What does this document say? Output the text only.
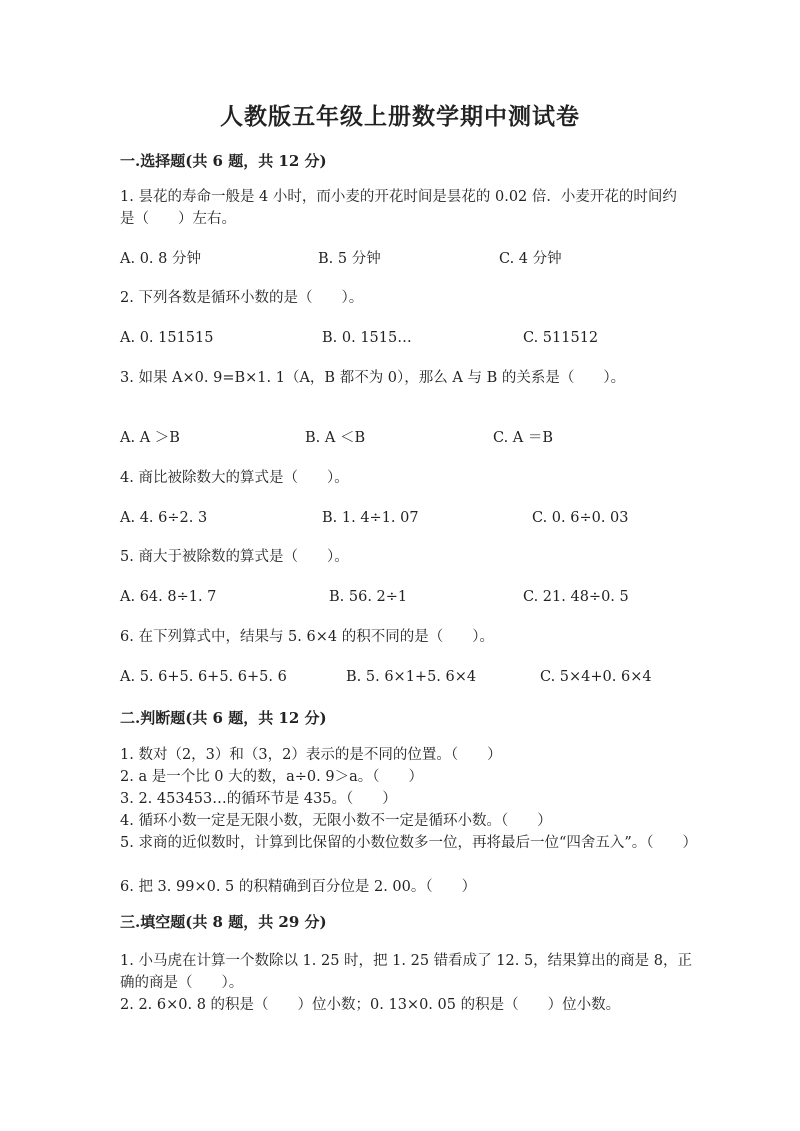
人教版五年级上册数学期中测试卷
一.选择题(共 6 题，共 12 分)
1. 昙花的寿命一般是 4 小时，而小麦的开花时间是昙花的 0.02 倍．小麦开花的时间约是（　　）左右。
A. 0. 8 分钟	B. 5 分钟	C. 4 分钟
2. 下列各数是循环小数的是（　　）。
A. 0. 151515	B. 0. 1515…	C. 511512
3. 如果 A×0. 9=B×1. 1（A，B 都不为 0），那么 A 与 B 的关系是（　　）。
A. A ＞B	B. A ＜B	C. A ＝B
4. 商比被除数大的算式是（　　）。
A. 4. 6÷2. 3	B. 1. 4÷1. 07	C. 0. 6÷0. 03
5. 商大于被除数的算式是（　　）。
A. 64. 8÷1. 7	B. 56. 2÷1	C. 21. 48÷0. 5
6. 在下列算式中，结果与 5. 6×4 的积不同的是（　　）。
A. 5. 6+5. 6+5. 6+5. 6	B. 5. 6×1+5. 6×4	C. 5×4+0. 6×4
二.判断题(共 6 题，共 12 分)
1. 数对（2，3）和（3，2）表示的是不同的位置。（　　）
2. a 是一个比 0 大的数，a÷0. 9＞a。（　　）
3. 2. 453453…的循环节是 435。（　　）
4. 循环小数一定是无限小数，无限小数不一定是循环小数。（　　）
5. 求商的近似数时，计算到比保留的小数位数多一位，再将最后一位“四舍五入”。（　　）
6. 把 3. 99×0. 5 的积精确到百分位是 2. 00。（　　）
三.填空题(共 8 题，共 29 分)
1. 小马虎在计算一个数除以 1. 25 时，把 1. 25 错看成了 12. 5，结果算出的商是 8，正确的商是（　　）。
2. 2. 6×0. 8 的积是（　　）位小数；0. 13×0. 05 的积是（　　）位小数。
